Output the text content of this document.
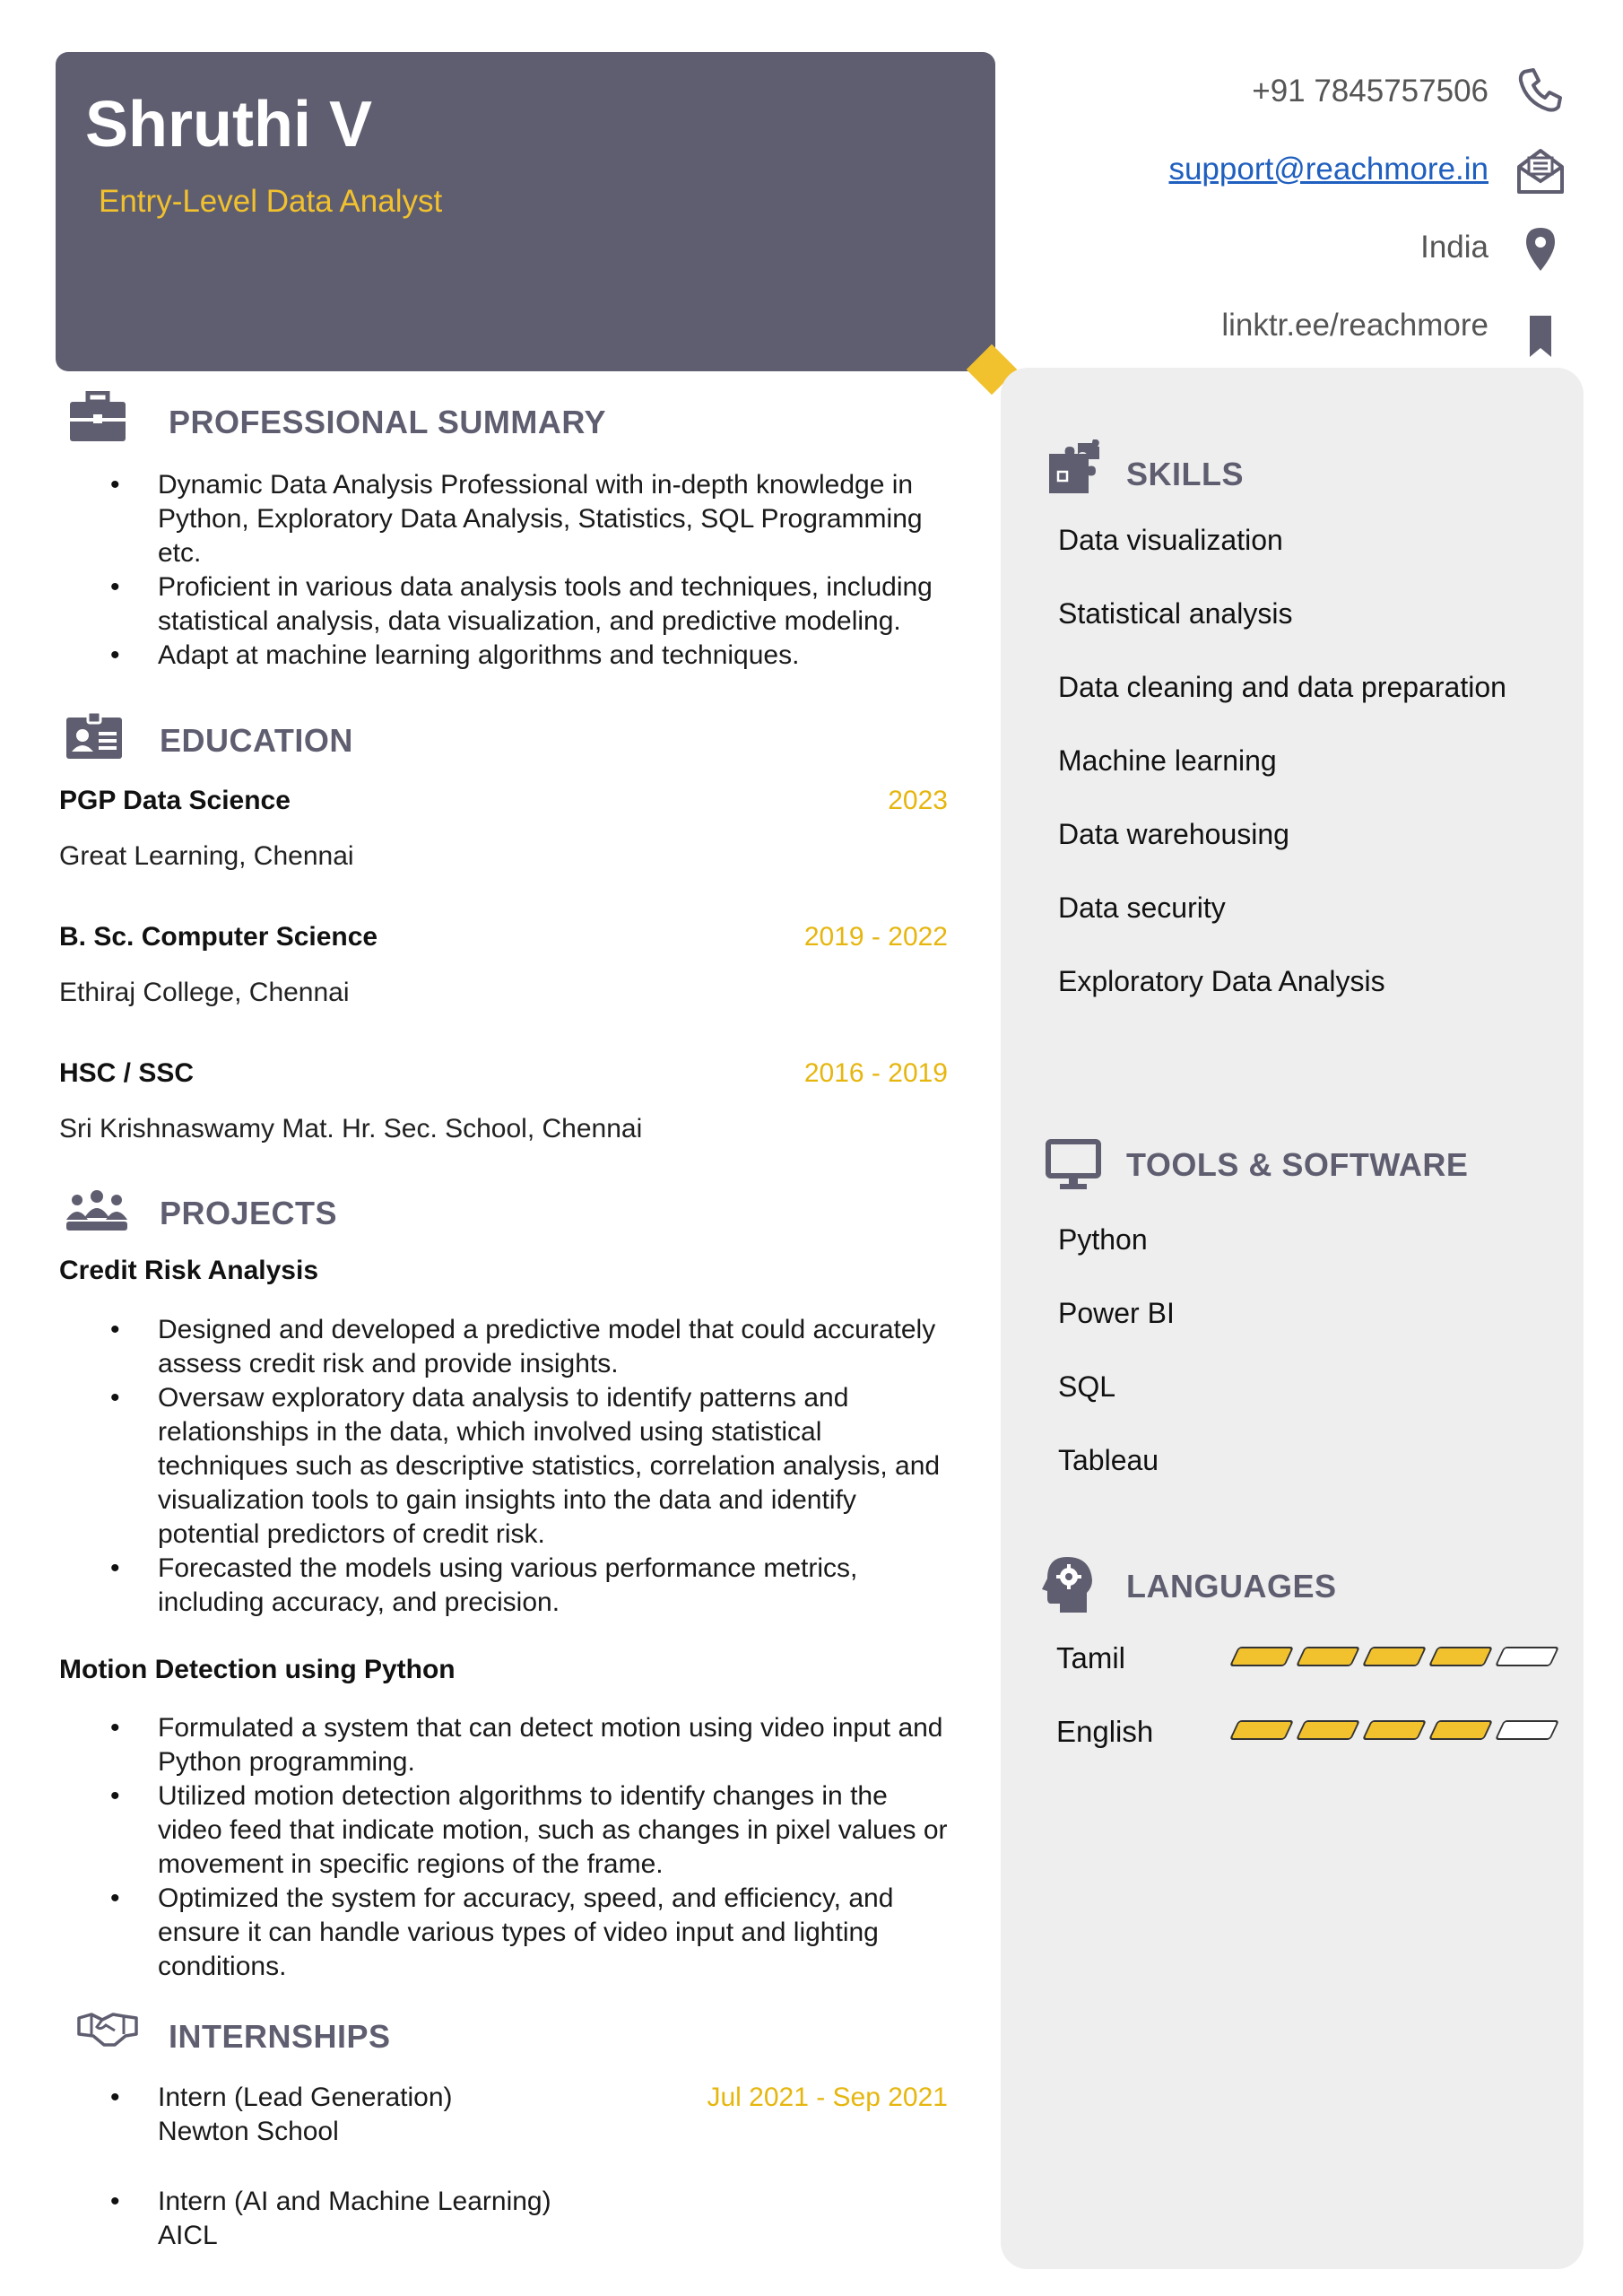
Shruthi V
Entry-Level Data Analyst
+91 7845757506
support@reachmore.in
India
linktr.ee/reachmore
PROFESSIONAL SUMMARY
• Dynamic Data Analysis Professional with in-depth knowledge in Python, Exploratory Data Analysis, Statistics, SQL Programming etc.
• Proficient in various data analysis tools and techniques, including statistical analysis, data visualization, and predictive modeling.
• Adapt at machine learning algorithms and techniques.
EDUCATION
PGP Data Science	2023
Great Learning, Chennai
B. Sc. Computer Science	2019 - 2022
Ethiraj College, Chennai
HSC / SSC	2016 - 2019
Sri Krishnaswamy Mat. Hr. Sec. School, Chennai
PROJECTS
Credit Risk Analysis
• Designed and developed a predictive model that could accurately assess credit risk and provide insights.
• Oversaw exploratory data analysis to identify patterns and relationships in the data, which involved using statistical techniques such as descriptive statistics, correlation analysis, and visualization tools to gain insights into the data and identify potential predictors of credit risk.
• Forecasted the models using various performance metrics, including accuracy, and precision.
Motion Detection using Python
• Formulated a system that can detect motion using video input and Python programming.
• Utilized motion detection algorithms to identify changes in the video feed that indicate motion, such as changes in pixel values or movement in specific regions of the frame.
• Optimized the system for accuracy, speed, and efficiency, and ensure it can handle various types of video input and lighting conditions.
INTERNSHIPS
• Intern (Lead Generation)
Newton School
Jul 2021 - Sep 2021
• Intern (AI and Machine Learning)
AICL
SKILLS
Data visualization
Statistical analysis
Data cleaning and data preparation
Machine learning
Data warehousing
Data security
Exploratory Data Analysis
TOOLS & SOFTWARE
Python
Power BI
SQL
Tableau
LANGUAGES
Tamil
English
